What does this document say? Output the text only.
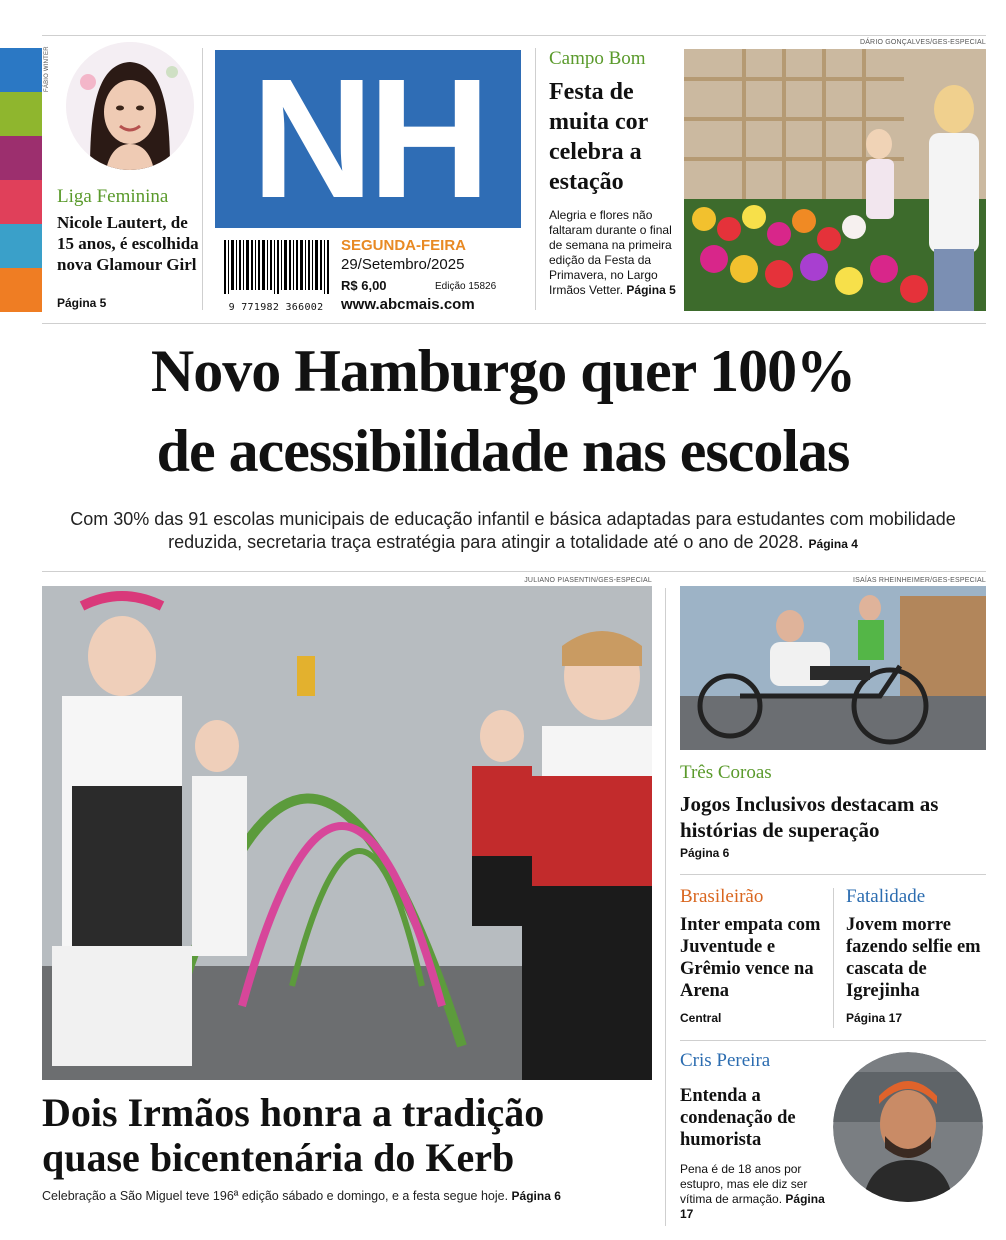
FÁBIO WINTER
Liga Feminina
Nicole Lautert, de 15 anos, é escolhida nova Glamour Girl
Página 5
NH
9 771982 366002
SEGUNDA-FEIRA
29/Setembro/2025
R$ 6,00	Edição 15826
www.abcmais.com
Campo Bom
Festa de muita cor celebra a estação
Alegria e flores não faltaram durante o final de semana na primeira edição da Festa da Primavera, no Largo Irmãos Vetter. Página 5
DÁRIO GONÇALVES/GES-ESPECIAL
Novo Hamburgo quer 100%
de acessibilidade nas escolas
Com 30% das 91 escolas municipais de educação infantil e básica adaptadas para estudantes com mobilidade reduzida, secretaria traça estratégia para atingir a totalidade até o ano de 2028. Página 4
JULIANO PIASENTIN/GES-ESPECIAL
Dois Irmãos honra a tradição
quase bicentenária do Kerb
Celebração a São Miguel teve 196ª edição sábado e domingo, e a festa segue hoje. Página 6
ISAÍAS RHEINHEIMER/GES-ESPECIAL
Três Coroas
Jogos Inclusivos destacam as histórias de superação
Página 6
Brasileirão
Inter empata com Juventude e Grêmio vence na Arena
Central
Fatalidade
Jovem morre fazendo selfie em cascata de Igrejinha
Página 17
Cris Pereira
Entenda a condenação de humorista
Pena é de 18 anos por estupro, mas ele diz ser vítima de armação. Página 17
